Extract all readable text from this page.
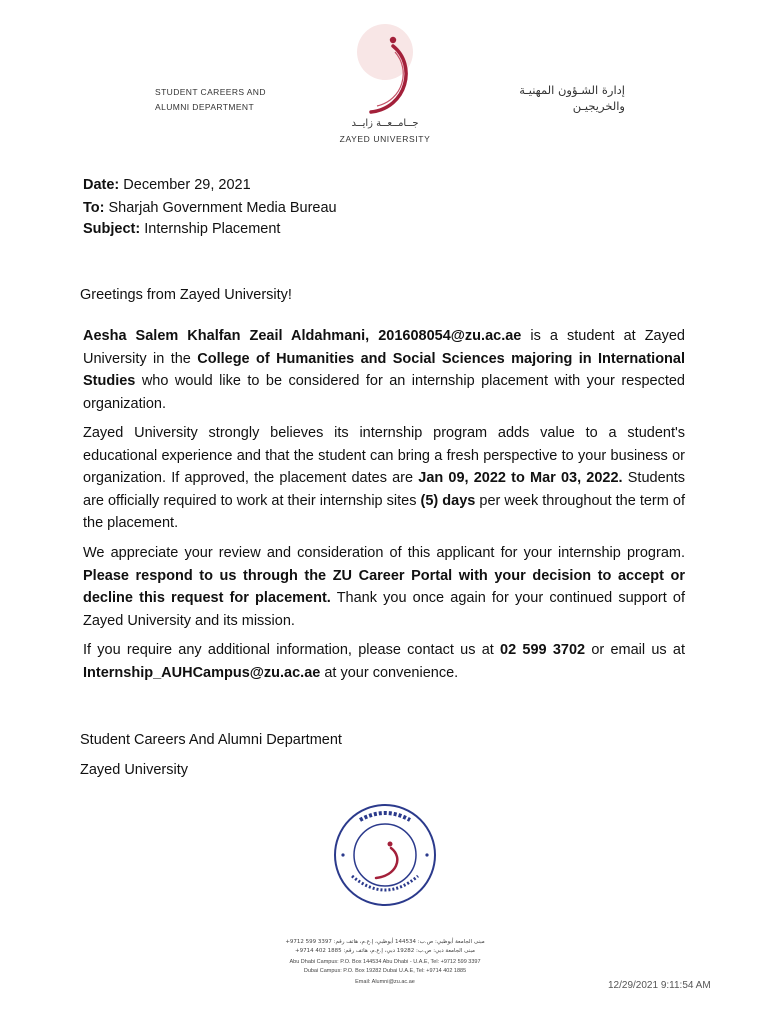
STUDENT CAREERS AND
ALUMNI DEPARTMENT
جــامــعــة زايــد
ZAYED UNIVERSITY
إدارة الشـؤون المهنيـة
والخريجيـن
Date: December 29, 2021
To: Sharjah Government Media Bureau
Subject: Internship Placement
Greetings from Zayed University!
Aesha Salem Khalfan Zeail Aldahmani, 201608054@zu.ac.ae is a student at Zayed University in the College of Humanities and Social Sciences majoring in International Studies who would like to be considered for an internship placement with your respected organization.
Zayed University strongly believes its internship program adds value to a student's educational experience and that the student can bring a fresh perspective to your business or organization. If approved, the placement dates are Jan 09, 2022 to Mar 03, 2022. Students are officially required to work at their internship sites (5) days per week throughout the term of the placement.
We appreciate your review and consideration of this applicant for your internship program. Please respond to us through the ZU Career Portal with your decision to accept or decline this request for placement. Thank you once again for your continued support of Zayed University and its mission.
If you require any additional information, please contact us at 02 599 3702 or email us at Internship_AUHCampus@zu.ac.ae at your convenience.
Student Careers And Alumni Department
Zayed University
مبنى الجامعة أبوظبي: ص.ب: 144534 أبوظبي، إ.ع.م، هاتف رقم: 3397 599 9712+
مبنى الجامعة دبي: ص.ب: 19282 دبي، إ.ع.م، هاتف رقم: 1885 402 9714+
Abu Dhabi Campus: P.O. Box 144534 Abu Dhabi - U.A.E, Tel: +9712 599 3397
Dubai Campus: P.O. Box 19282 Dubai U.A.E, Tel: +9714 402 1885
Email: Alumni@zu.ac.ae	12/29/2021 9:11:54 AM
